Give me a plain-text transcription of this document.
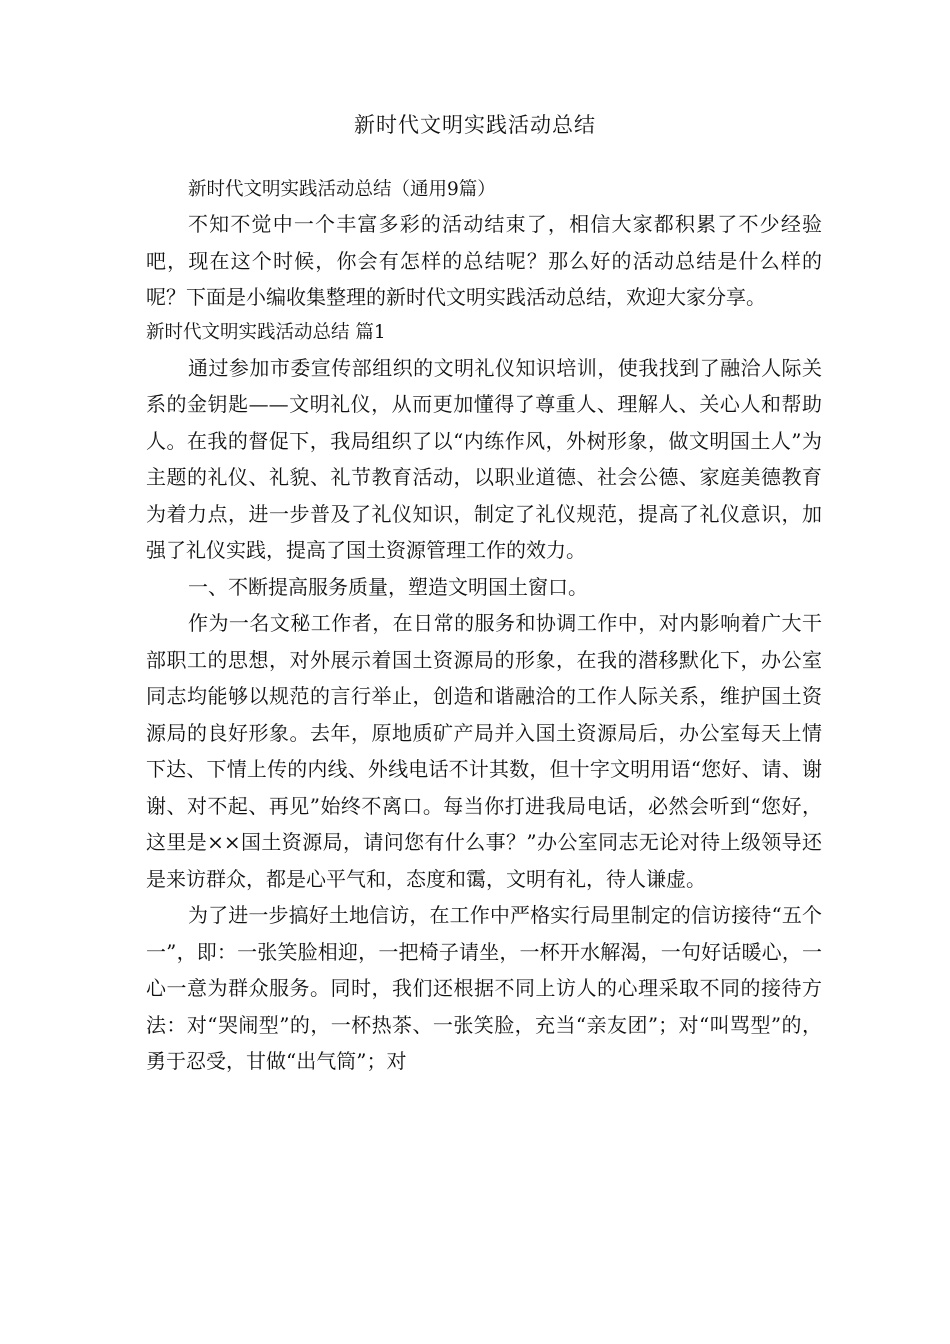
新时代文明实践活动总结

新时代文明实践活动总结（通用9篇）

不知不觉中一个丰富多彩的活动结束了，相信大家都积累了不少经验吧，现在这个时候，你会有怎样的总结呢？那么好的活动总结是什么样的呢？下面是小编收集整理的新时代文明实践活动总结，欢迎大家分享。

新时代文明实践活动总结 篇1

通过参加市委宣传部组织的文明礼仪知识培训，使我找到了融洽人际关系的金钥匙——文明礼仪，从而更加懂得了尊重人、理解人、关心人和帮助人。在我的督促下，我局组织了以“内练作风，外树形象，做文明国土人”为主题的礼仪、礼貌、礼节教育活动，以职业道德、社会公德、家庭美德教育为着力点，进一步普及了礼仪知识，制定了礼仪规范，提高了礼仪意识，加强了礼仪实践，提高了国土资源管理工作的效力。

一、不断提高服务质量，塑造文明国土窗口。

作为一名文秘工作者，在日常的服务和协调工作中，对内影响着广大干部职工的思想，对外展示着国土资源局的形象，在我的潜移默化下，办公室同志均能够以规范的言行举止，创造和谐融洽的工作人际关系，维护国土资源局的良好形象。去年，原地质矿产局并入国土资源局后，办公室每天上情下达、下情上传的内线、外线电话不计其数，但十字文明用语“您好、请、谢谢、对不起、再见”始终不离口。每当你打进我局电话，必然会听到“您好，这里是××国土资源局，请问您有什么事？”办公室同志无论对待上级领导还是来访群众，都是心平气和，态度和霭，文明有礼，待人谦虚。

为了进一步搞好土地信访，在工作中严格实行局里制定的信访接待“五个一”，即：一张笑脸相迎，一把椅子请坐，一杯开水解渴，一句好话暖心，一心一意为群众服务。同时，我们还根据不同上访人的心理采取不同的接待方法：对“哭闹型”的，一杯热茶、一张笑脸，充当“亲友团”；对“叫骂型”的，勇于忍受，甘做“出气筒”；对
